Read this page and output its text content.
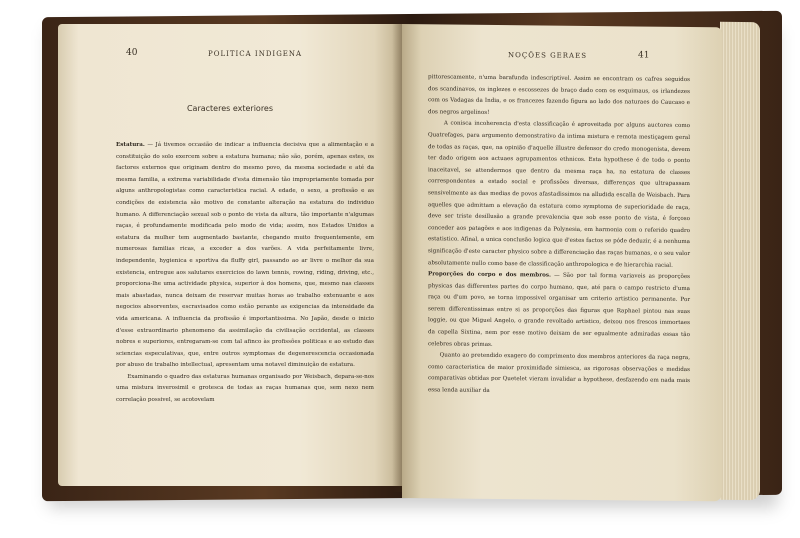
40	POLITICA INDIGENA
Caracteres exteriores
Estatura. — Já tivemos occasião de indicar a influencia decisiva que a alimentação e a constituição do solo exercem sobre a estatura humana; não são, porém, apenas estes, os factores externos que originam dentro do mesmo povo, da mesma sociedade e até da mesma familia, a extrema variabilidade d'esta dimensão tão impropriamente tomada por alguns anthropologistas como caracteristica racial. A edade, o sexo, a profissão e as condições de existencia são motivo de constante alteração na estatura do individuo humano. A differenciação sexual sob o ponto de vista da altura, tão importante n'algumas raças, é profundamente modificada pelo modo de vida; assim, nos Estados Unidos a estatura da mulher tem augmentado bastante, chegando muito frequentemente, em numerosas familias ricas, a exceder a dos varões. A vida perfeitamente livre, independente, hygienica e sportiva da fluffy girl, passando ao ar livre o melhor da sua existencia, entregue aos salutares exercicios do lawn tennis, rowing, riding, driving, etc., proporciona-lhe uma actividade physica, superior à dos homens, que, mesmo nas classes mais abastadas, nunca deixam de reservar muitas horas ao trabalho extenuante e aos negocios absorventes, escravisados como estão perante as exigencias da intensidade da vida americana. A influencia da profissão é importantissima. No Japão, desde o inicio d'esse extraordinario phenomeno da assimilação da civilisação occidental, as classes nobres e superiores, entregaram-se com tal afinco às profissões politicas e ao estudo das sciencias especulativas, que, entre outros symptomas de degenerescencia occasionada por abuso de trabalho intellectual, apresentam uma notavel diminuição de estatura.
Examinando o quadro das estaturas humanas organisado por Weisbach, depara-se-nos uma mistura inverosimil e grotesca de todas as raças humanas que, sem nexo nem correlação possivel, se acotovelam
NOÇÕES GERAES	41
pittorescamente, n'uma barafunda indescriptivel. Assim se encontram os cafres seguidos dos scandinavos, os inglezes e escossezes de braço dado com os esquimaus, os irlandezes com os Vadagas da India, e os francezes fazendo figura ao lado dos naturaes do Caucaso e dos negros argelinos!
A conisca incoherencia d'esta classificação é aproveitada por alguns auctores como Quatrefages, para argumento demonstrativo da intima mistura e remota mestiçagem geral de todas as raças, que, na opinião d'aquelle illustre defensor do credo monogenista, devem ter dado origem aos actuaes agrupamentos ethnicos. Esta hypothese é de todo o ponto inaceitavel, se attendermos que dentro da mesma raça ha, na estatura de classes correspondentes a estado social e profissões diversas, differenças que ultrapassam sensivelmente as das medias de povos afastadissimos na alludida escalla de Weisbach. Para aquelles que admittam a elevação da estatura como symptoma de superioridade de raça, deve ser triste desillusão a grande prevalencia que sob esse ponto de vista, é forçoso conceder aos patagões e aos indigenas da Polynesia, em harmonia com o referido quadro estatistico. Afinal, a unica conclusão logica que d'estes factos se póde deduzir, é a nenhuma significação d'este caracter physico sobre a differenciação das raças humanas, e o seu valor absolutamente nullo como base de classificação anthropologica e de hierarchia racial.
Proporções do corpo e dos membros. — São por tal forma variaveis as proporções physicas das differentes partes do corpo humano, que, até para o campo restricto d'uma raça ou d'um povo, se torna impossivel organisar um criterio artistico permanente. Por serem differentissimas entre si as proporções das figuras que Raphael pintou nas suas loggie, ou que Miguel Angelo, o grande revoltado artistico, deixou nos frescos immortaes da capella Sixtina, nem por esse motivo deixam de ser egualmente admiradas essas tão celebres obras primas.
Quanto ao pretendido exagero do comprimento dos membros anteriores da raça negra, como caracteristica de maior proximidade simiesca, as rigorosas observações e medidas comparativas obtidas por Quetelet vieram invalidar a hypothese, desfazendo em nada mais essa lenda auxiliar da
